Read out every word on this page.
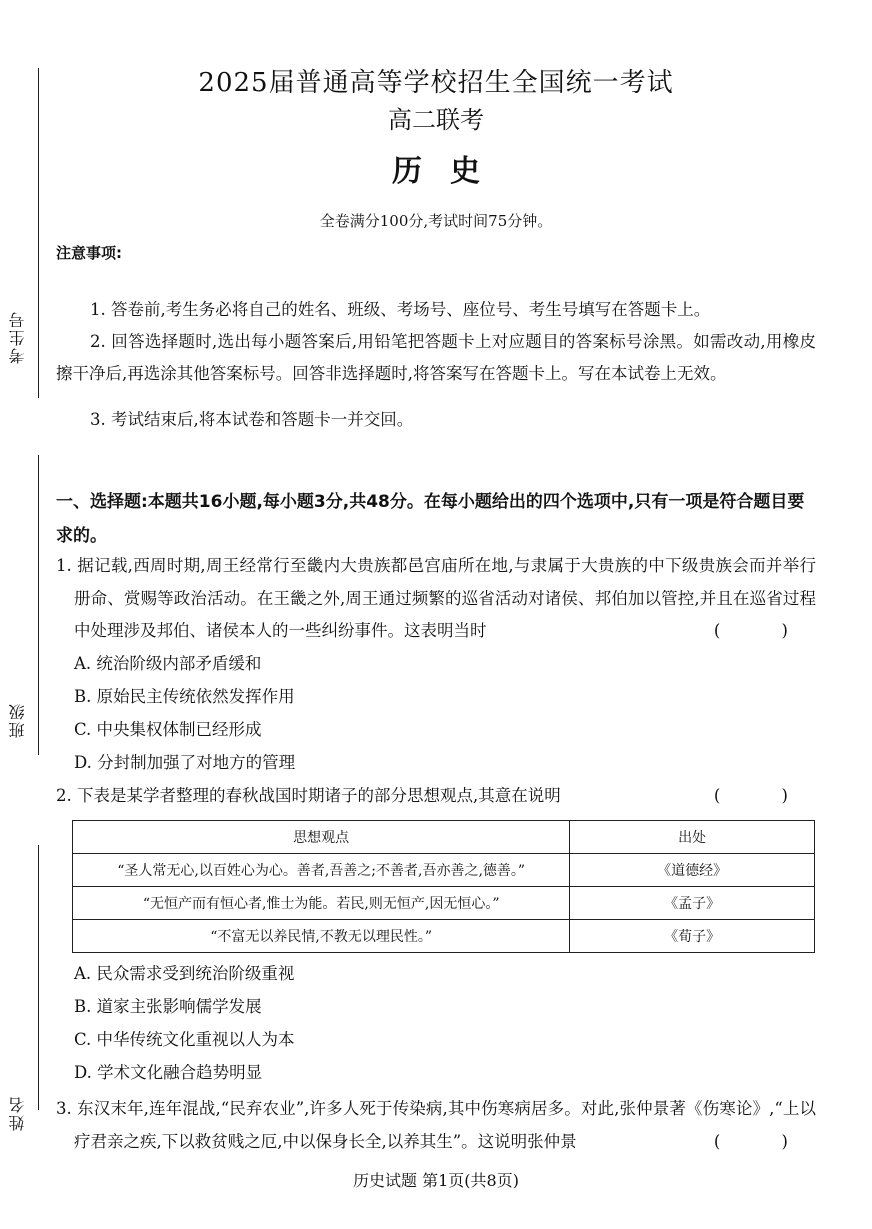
考生号
班级
姓名
2025届普通高等学校招生全国统一考试
高二联考
历史
全卷满分100分,考试时间75分钟。
注意事项:
1. 答卷前,考生务必将自己的姓名、班级、考场号、座位号、考生号填写在答题卡上。
2. 回答选择题时,选出每小题答案后,用铅笔把答题卡上对应题目的答案标号涂黑。如需改动,用橡皮擦干净后,再选涂其他答案标号。回答非选择题时,将答案写在答题卡上。写在本试卷上无效。
3. 考试结束后,将本试卷和答题卡一并交回。
一、选择题:本题共16小题,每小题3分,共48分。在每小题给出的四个选项中,只有一项是符合题目要求的。
1. 据记载,西周时期,周王经常行至畿内大贵族都邑宫庙所在地,与隶属于大贵族的中下级贵族会而并举行册命、赏赐等政治活动。在王畿之外,周王通过频繁的巡省活动对诸侯、邦伯加以管控,并且在巡省过程中处理涉及邦伯、诸侯本人的一些纠纷事件。这表明当时	( )
A. 统治阶级内部矛盾缓和
B. 原始民主传统依然发挥作用
C. 中央集权体制已经形成
D. 分封制加强了对地方的管理
2. 下表是某学者整理的春秋战国时期诸子的部分思想观点,其意在说明	( )
思想观点	出处
“圣人常无心,以百姓心为心。善者,吾善之;不善者,吾亦善之,德善。”	《道德经》
“无恒产而有恒心者,惟士为能。若民,则无恒产,因无恒心。”	《孟子》
“不富无以养民情,不教无以理民性。”	《荀子》
A. 民众需求受到统治阶级重视
B. 道家主张影响儒学发展
C. 中华传统文化重视以人为本
D. 学术文化融合趋势明显
3. 东汉末年,连年混战,“民弃农业”,许多人死于传染病,其中伤寒病居多。对此,张仲景著《伤寒论》,“上以疗君亲之疾,下以救贫贱之厄,中以保身长全,以养其生”。这说明张仲景	( )
历史试题 第1页(共8页)
